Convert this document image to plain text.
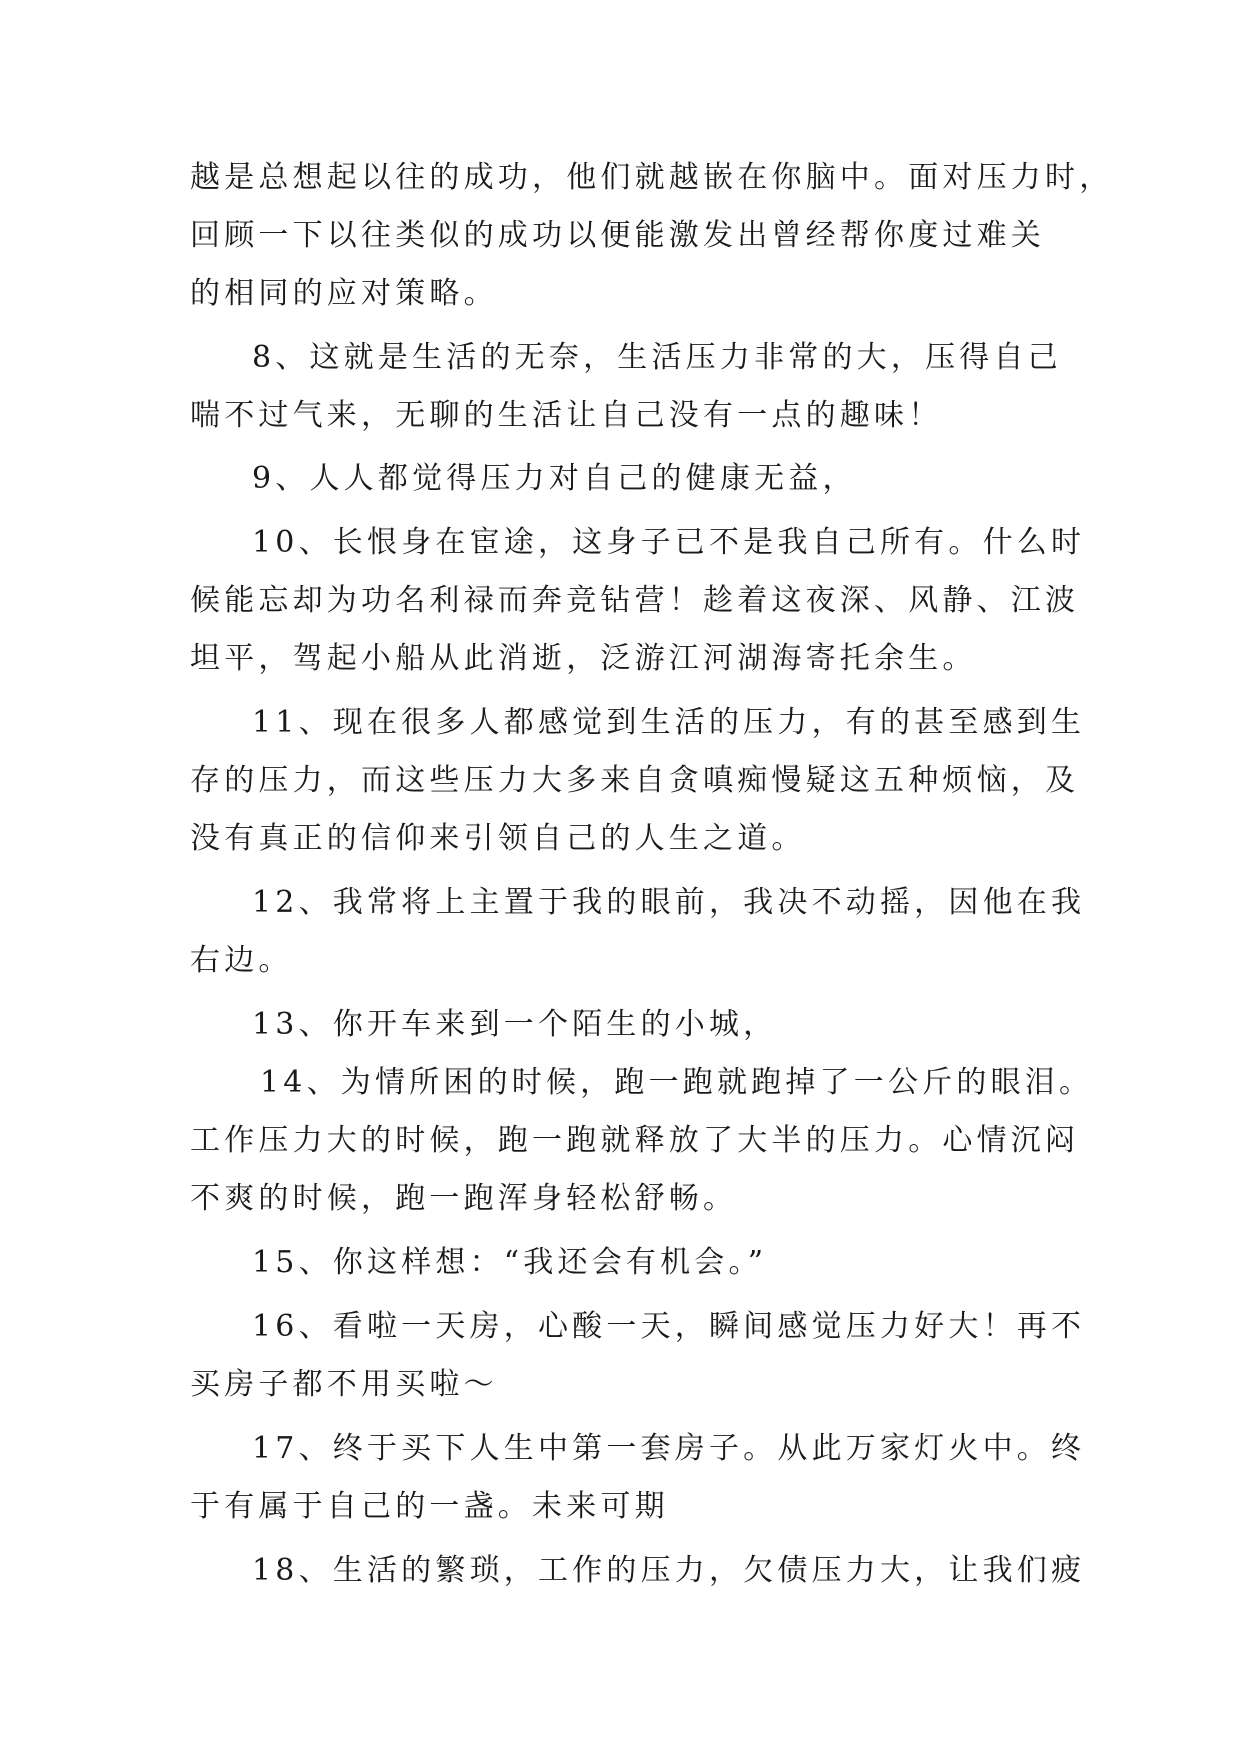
越是总想起以往的成功，他们就越嵌在你脑中。面对压力时，
回顾一下以往类似的成功以便能激发出曾经帮你度过难关
的相同的应对策略。
8、这就是生活的无奈，生活压力非常的大，压得自己
喘不过气来，无聊的生活让自己没有一点的趣味！
9、人人都觉得压力对自己的健康无益，
10、长恨身在宦途，这身子已不是我自己所有。什么时
候能忘却为功名利禄而奔竞钻营！趁着这夜深、风静、江波
坦平，驾起小船从此消逝，泛游江河湖海寄托余生。
11、现在很多人都感觉到生活的压力，有的甚至感到生
存的压力，而这些压力大多来自贪嗔痴慢疑这五种烦恼，及
没有真正的信仰来引领自己的人生之道。
12、我常将上主置于我的眼前，我决不动摇，因他在我
右边。
13、你开车来到一个陌生的小城，
14、为情所困的时候，跑一跑就跑掉了一公斤的眼泪。
工作压力大的时候，跑一跑就释放了大半的压力。心情沉闷
不爽的时候，跑一跑浑身轻松舒畅。
15、你这样想：“我还会有机会。”
16、看啦一天房，心酸一天，瞬间感觉压力好大！再不
买房子都不用买啦～
17、终于买下人生中第一套房子。从此万家灯火中。终
于有属于自己的一盏。未来可期
18、生活的繁琐，工作的压力，欠债压力大，让我们疲
